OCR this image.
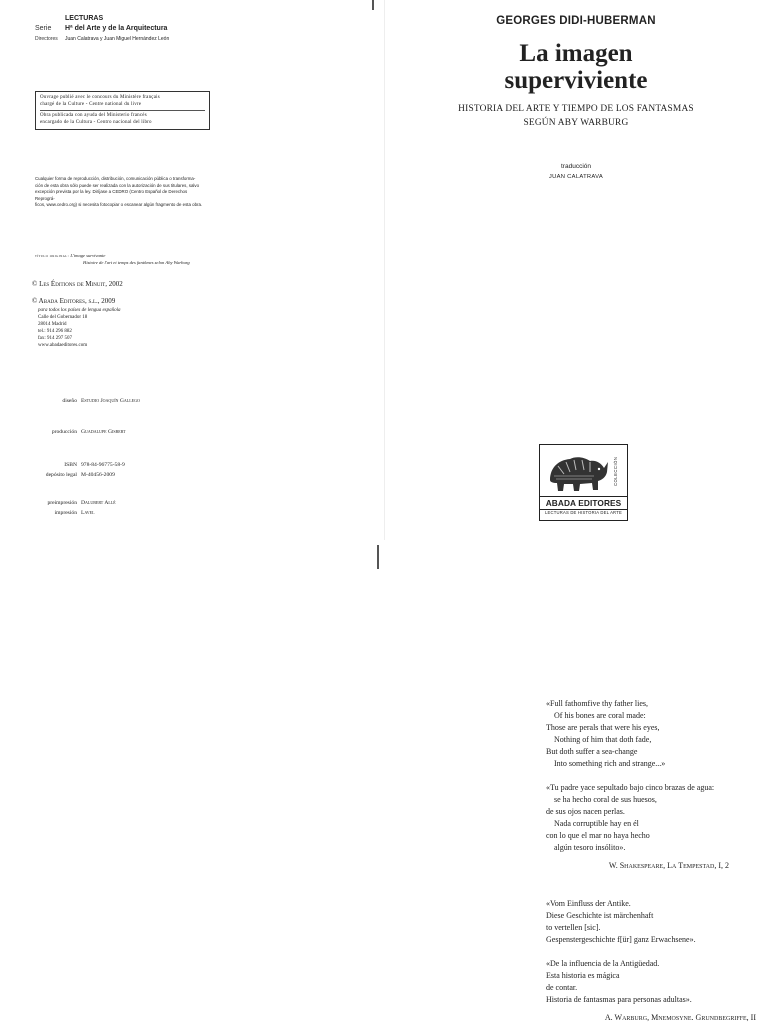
LECTURAS
Serie	Hª del Arte y de la Arquitectura
Directores	Juan Calatrava y Juan Miguel Hernández León
Ouvrage publié avec le concours du Ministère français
chargé de la Culture - Centre national du livre
Obra publicada con ayuda del Ministerio francés
encargado de la Cultura - Centro nacional del libro
Cualquier forma de reproducción, distribución, comunicación pública o transforma-
ción de esta obra sólo puede ser realizada con la autorización de sus titulares, salvo
excepción prevista por la ley. Diríjase a CEDRO (Centro Español de Derechos Reprográ-
ficos, www.cedro.org) si necesita fotocopiar o escanear algún fragmento de esta obra.
título original: L'image survivante
Histoire de l'art et temps des fantômes selon Aby Warburg
© Les Éditions de Minuit, 2002
© Abada Editores, s.l., 2009
para todos los países de lengua española
Calle del Gobernador 18
28014 Madrid
tel.: 914 296 882
fax: 914 297 507
www.abadaeditores.com
diseño Estudio Joaquín Gallego
producción Guadalupe Gisbert
ISBN 978-84-96775-58-9
depósito legal M-40456-2009
preimpresión Dalubert Allé
impresión Lavel
GEORGES DIDI-HUBERMAN
La imagen
superviviente
HISTORIA DEL ARTE Y TIEMPO DE LOS FANTASMAS
SEGÚN ABY WARBURG
traducción
JUAN CALATRAVA
COLECCIÓN
ABADA EDITORES
LECTURAS DE HISTORIA DEL ARTE
«Full fathomfive thy father lies,
Of his bones are coral made:
Those are perals that were his eyes,
Nothing of him that doth fade,
But doth suffer a sea-change
Into something rich and strange...»
«Tu padre yace sepultado bajo cinco brazas de agua:
se ha hecho coral de sus huesos,
de sus ojos nacen perlas.
Nada corruptible hay en él
con lo que el mar no haya hecho
algún tesoro insólito».
W. Shakespeare, La Tempestad, I, 2
«Vom Einfluss der Antike.
Diese Geschichte ist märchenhaft
to vertellen [sic].
Gespenstergeschichte f[ür] ganz Erwachsene».
«De la influencia de la Antigüedad.
Esta historia es mágica
de contar.
Historia de fantasmas para personas adultas».
A. Warburg, Mnemosyne. Grundbegriffe, II
